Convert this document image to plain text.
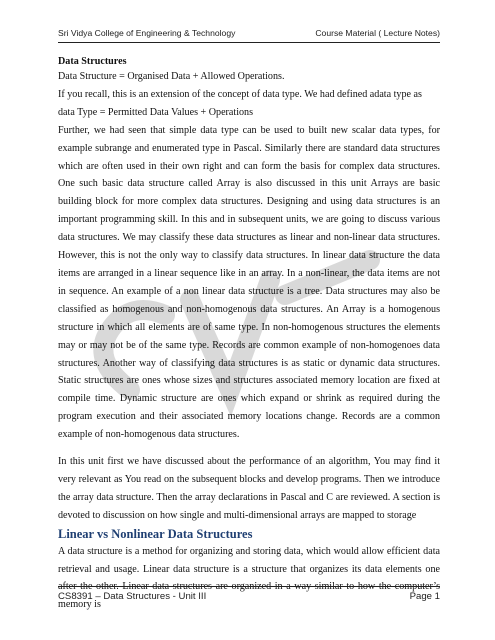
Sri Vidya College of Engineering & Technology	Course Material ( Lecture Notes)

Data Structures

Data Structure = Organised Data + Allowed Operations.

If you recall, this is an extension of the concept of data type. We had defined adata type as

data Type = Permitted Data Values + Operations

Further, we had seen that simple data type can be used to built new scalar data types, for example subrange and enumerated type in Pascal. Similarly there are standard data structures which are often used in their own right and can form the basis for complex data structures. One such basic data structure called Array is also discussed in this unit Arrays are basic building block for more complex data structures. Designing and using data structures is an important programming skill. In this and in subsequent units, we are going to discuss various data structures. We may classify these data structures as linear and non-linear data structures. However, this is not the only way to classify data structures. In linear data structure the data items are arranged in a linear sequence like in an array. In a non-linear, the data items are not in sequence. An example of a non linear data structure is a tree. Data structures may also be classified as homogenous and non-homogenous data structures. An Array is a homogenous structure in which all elements are of same type. In non-homogenous structures the elements may or may not be of the same type. Records are common example of non-homogenoes data structures. Another way of classifying data structures is as static or dynamic data structures. Static structures are ones whose sizes and structures associated memory location are fixed at compile time. Dynamic structure are ones which expand or shrink as required during the program execution and their associated memory locations change. Records are a common example of non-homogenous data structures.

In this unit first we have discussed about the performance of an algorithm, You may find it very relevant as You read on the subsequent blocks and develop programs. Then we introduce the array data structure. Then the array declarations in Pascal and C are reviewed. A section is devoted to discussion on how single and multi-dimensional arrays are mapped to storage

Linear vs Nonlinear Data Structures

A data structure is a method for organizing and storing data, which would allow efficient data retrieval and usage. Linear data structure is a structure that organizes its data elements one after the other. Linear data structures are organized in a way similar to how the computer’s memory is

CS8391 – Data Structures - Unit III	Page 1
